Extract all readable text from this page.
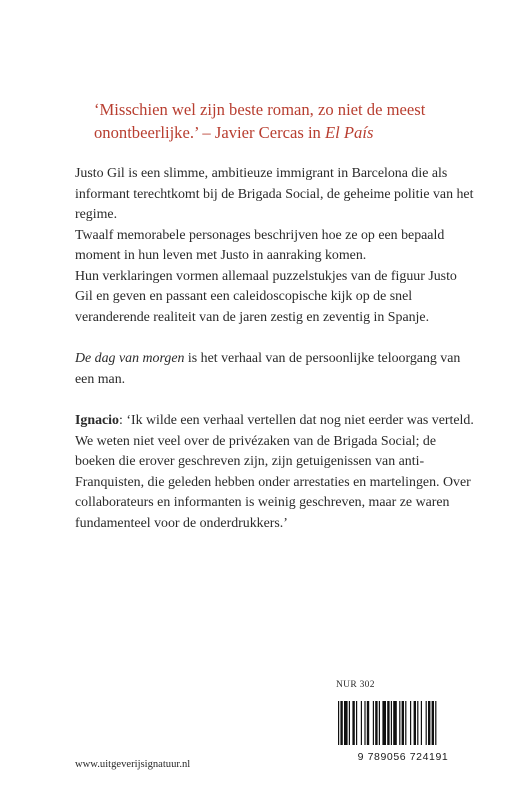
‘Misschien wel zijn beste roman, zo niet de meest onontbeerlijke.’ – Javier Cercas in El País

Justo Gil is een slimme, ambitieuze immigrant in Barcelona die als informant terechtkomt bij de Brigada Social, de geheime politie van het regime.

Twaalf memorabele personages beschrijven hoe ze op een bepaald moment in hun leven met Justo in aanraking komen.

Hun verklaringen vormen allemaal puzzelstukjes van de figuur Justo Gil en geven en passant een caleidoscopische kijk op de snel veranderende realiteit van de jaren zestig en zeventig in Spanje.

De dag van morgen is het verhaal van de persoonlijke teloorgang van een man.

Ignacio: ‘Ik wilde een verhaal vertellen dat nog niet eerder was verteld. We weten niet veel over de privézaken van de Brigada Social; de boeken die erover geschreven zijn, zijn getuigenissen van anti-Franquisten, die geleden hebben onder arrestaties en martelingen. Over collaborateurs en informanten is weinig geschreven, maar ze waren fundamenteel voor de onderdrukkers.’

NUR 302
9 789056 724191
www.uitgeverijsignatuur.nl
